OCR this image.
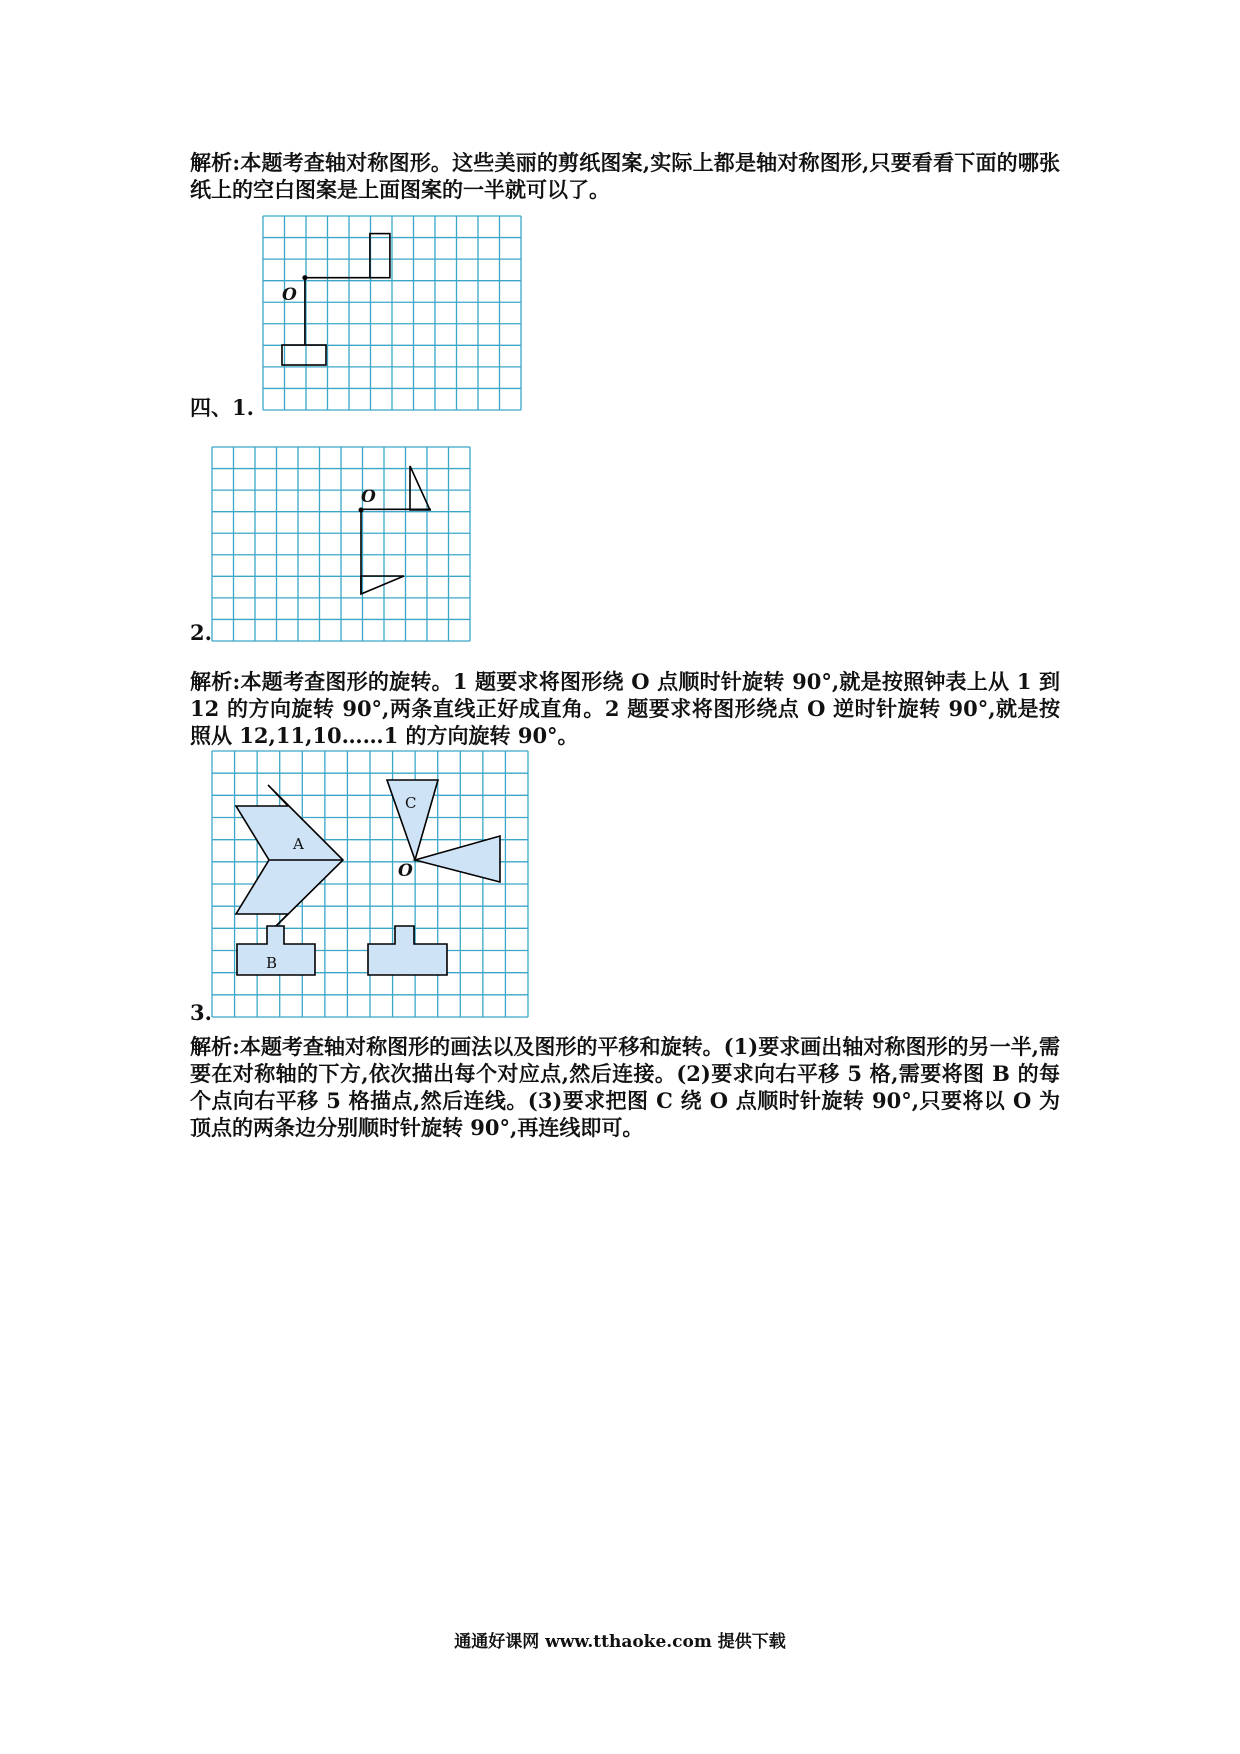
解析:本题考查轴对称图形。这些美丽的剪纸图案,实际上都是轴对称图形,只要看看下面的哪张纸上的空白图案是上面图案的一半就可以了。

四、1.
O
2.
O

解析:本题考查图形的旋转。1 题要求将图形绕 O 点顺时针旋转 90°,就是按照钟表上从 1 到 12 的方向旋转 90°,两条直线正好成直角。2 题要求将图形绕点 O 逆时针旋转 90°,就是按照从 12,11,10……1 的方向旋转 90°。

3.
A
C
O
B

解析:本题考查轴对称图形的画法以及图形的平移和旋转。(1)要求画出轴对称图形的另一半,需要在对称轴的下方,依次描出每个对应点,然后连接。(2)要求向右平移 5 格,需要将图 B 的每个点向右平移 5 格描点,然后连线。(3)要求把图 C 绕 O 点顺时针旋转 90°,只要将以 O 为顶点的两条边分别顺时针旋转 90°,再连线即可。

通通好课网 www.tthaoke.com 提供下载
